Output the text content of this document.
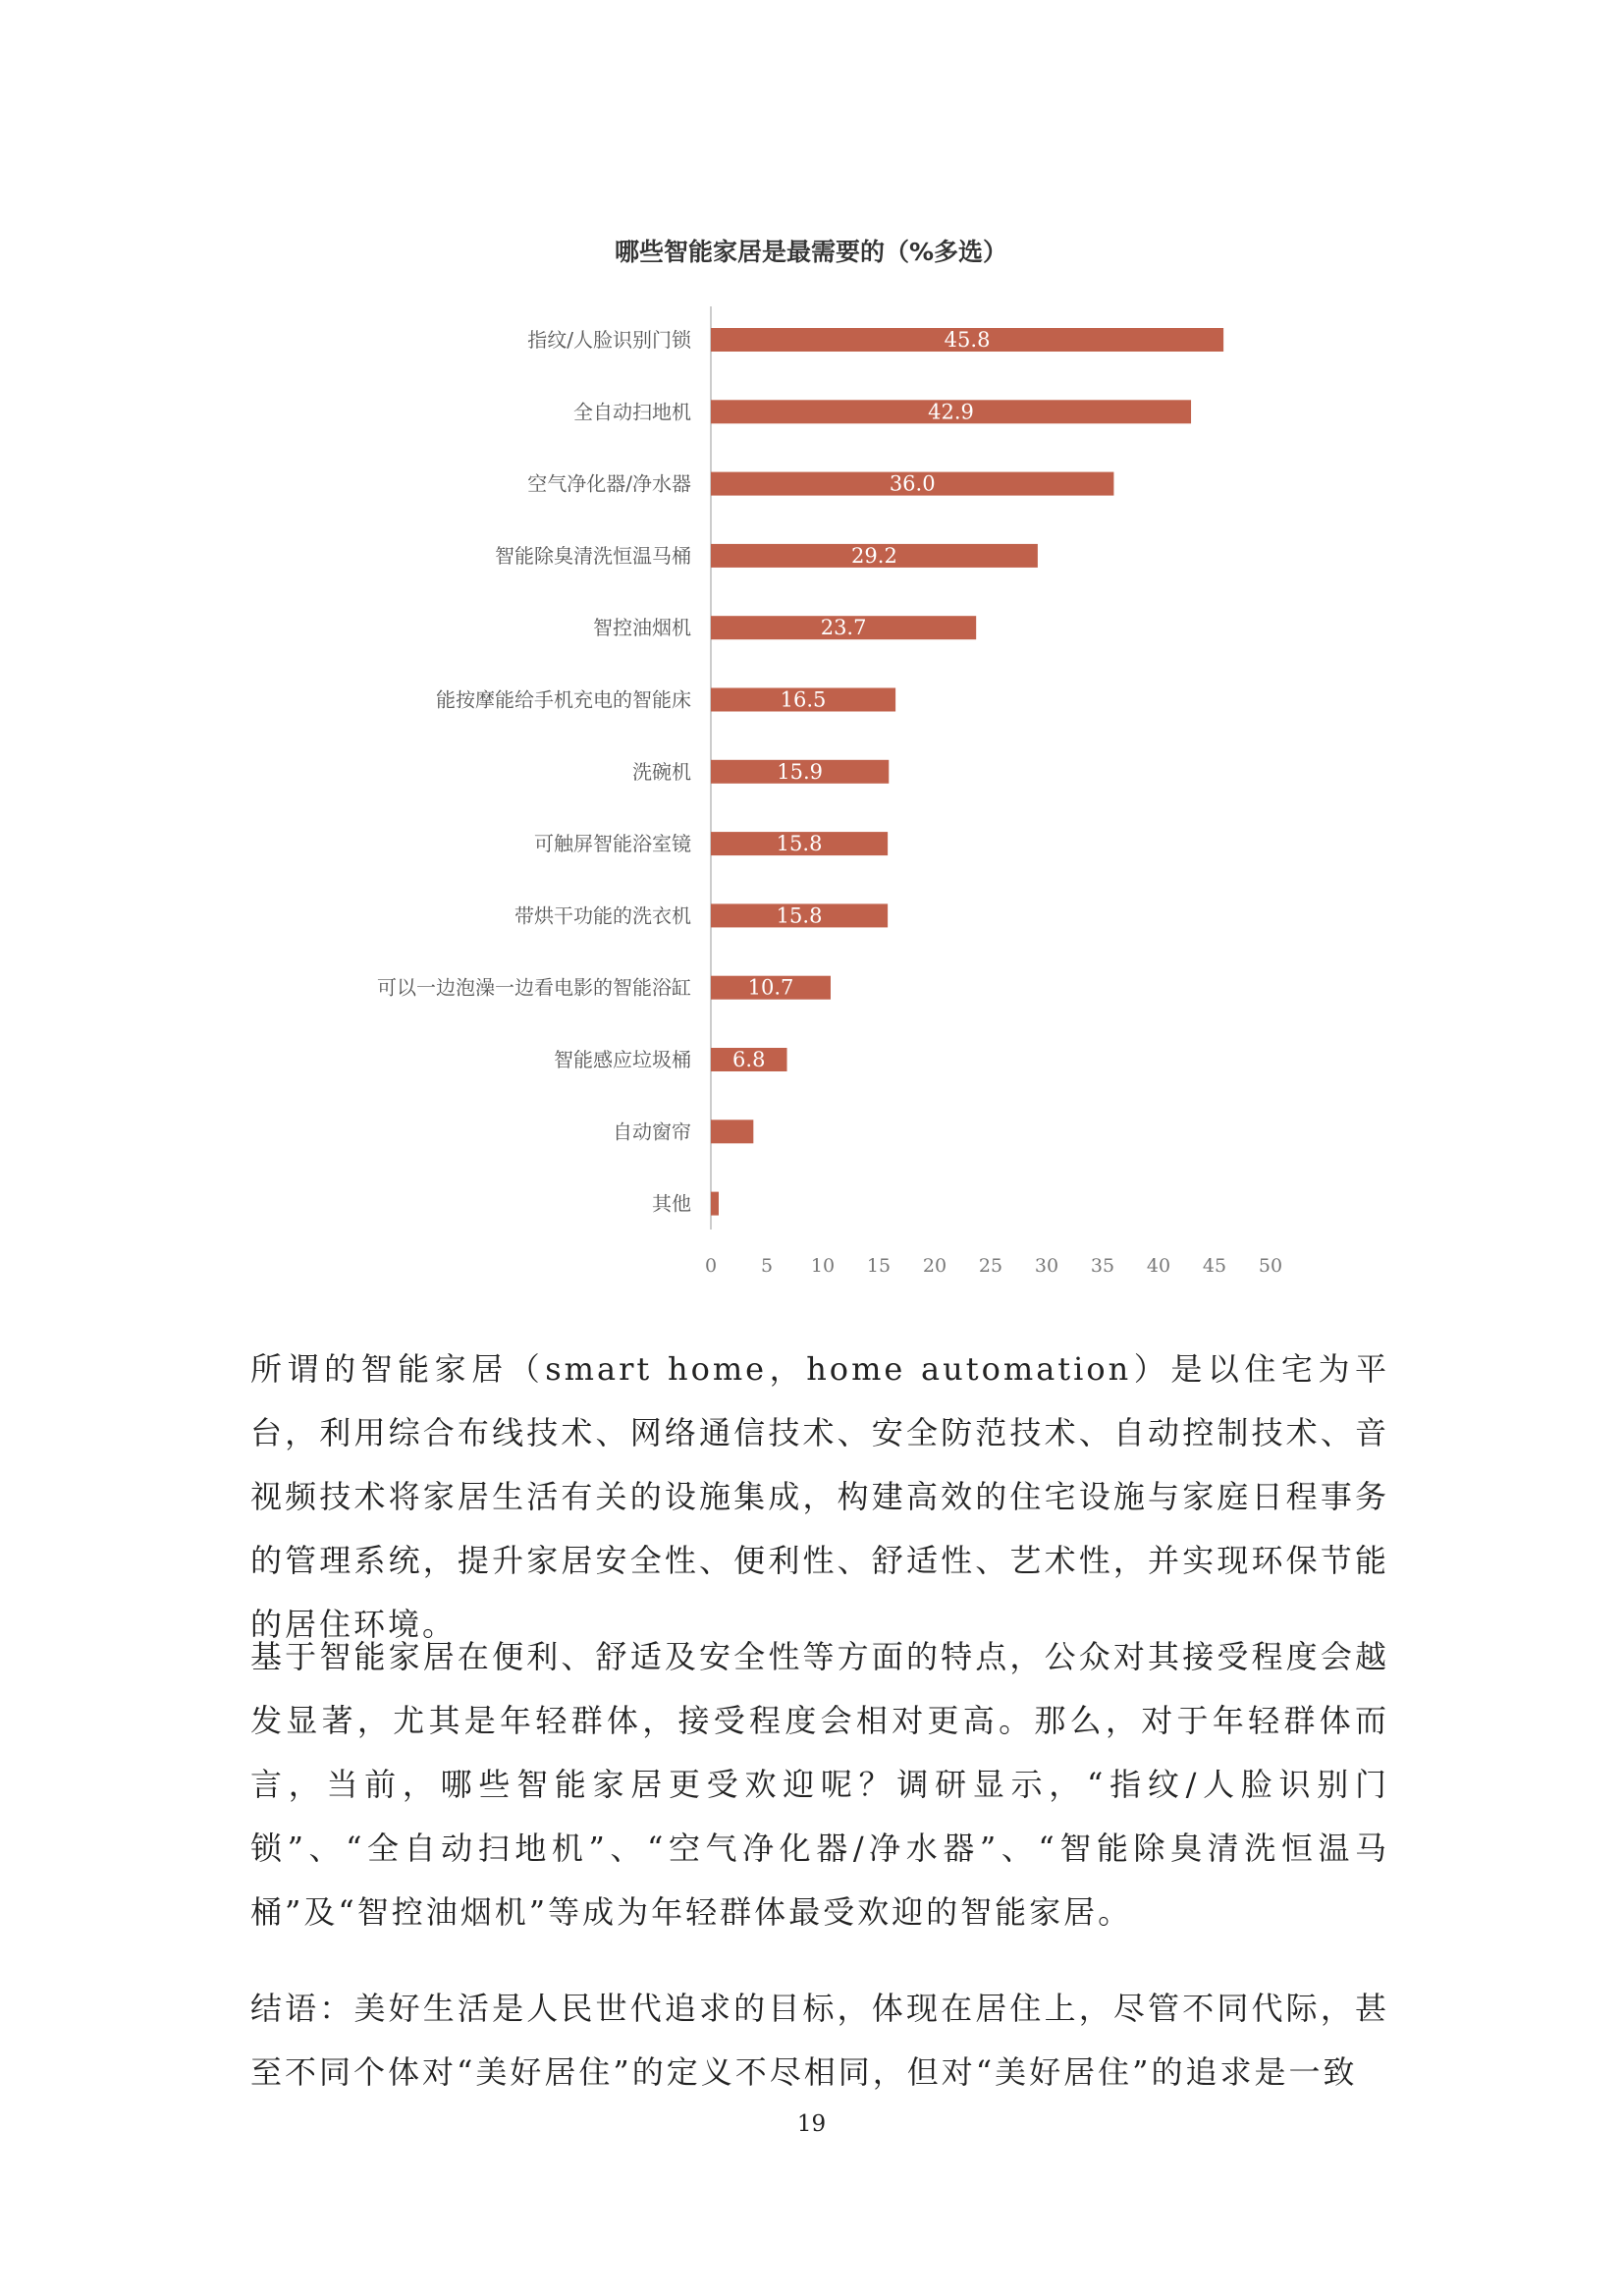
哪些智能家居是最需要的（%多选）
指纹/人脸识别门锁	45.8
全自动扫地机	42.9
空气净化器/净水器	36.0
智能除臭清洗恒温马桶	29.2
智控油烟机	23.7
能按摩能给手机充电的智能床	16.5
洗碗机	15.9
可触屏智能浴室镜	15.8
带烘干功能的洗衣机	15.8
可以一边泡澡一边看电影的智能浴缸	10.7
智能感应垃圾桶 6.8
自动窗帘
其他
0 5 10 15 20 25 30 35 40 45 50

所谓的智能家居（smart home，home automation）是以住宅为平台，利用综合布线技术、网络通信技术、安全防范技术、自动控制技术、音视频技术将家居生活有关的设施集成，构建高效的住宅设施与家庭日程事务的管理系统，提升家居安全性、便利性、舒适性、艺术性，并实现环保节能的居住环境。

基于智能家居在便利、舒适及安全性等方面的特点，公众对其接受程度会越发显著，尤其是年轻群体，接受程度会相对更高。那么，对于年轻群体而言，当前，哪些智能家居更受欢迎呢？调研显示，“指纹/人脸识别门锁”、“全自动扫地机”、“空气净化器/净水器”、“智能除臭清洗恒温马桶”及“智控油烟机”等成为年轻群体最受欢迎的智能家居。

结语：美好生活是人民世代追求的目标，体现在居住上，尽管不同代际，甚至不同个体对“美好居住”的定义不尽相同，但对“美好居住”的追求是一致

19
